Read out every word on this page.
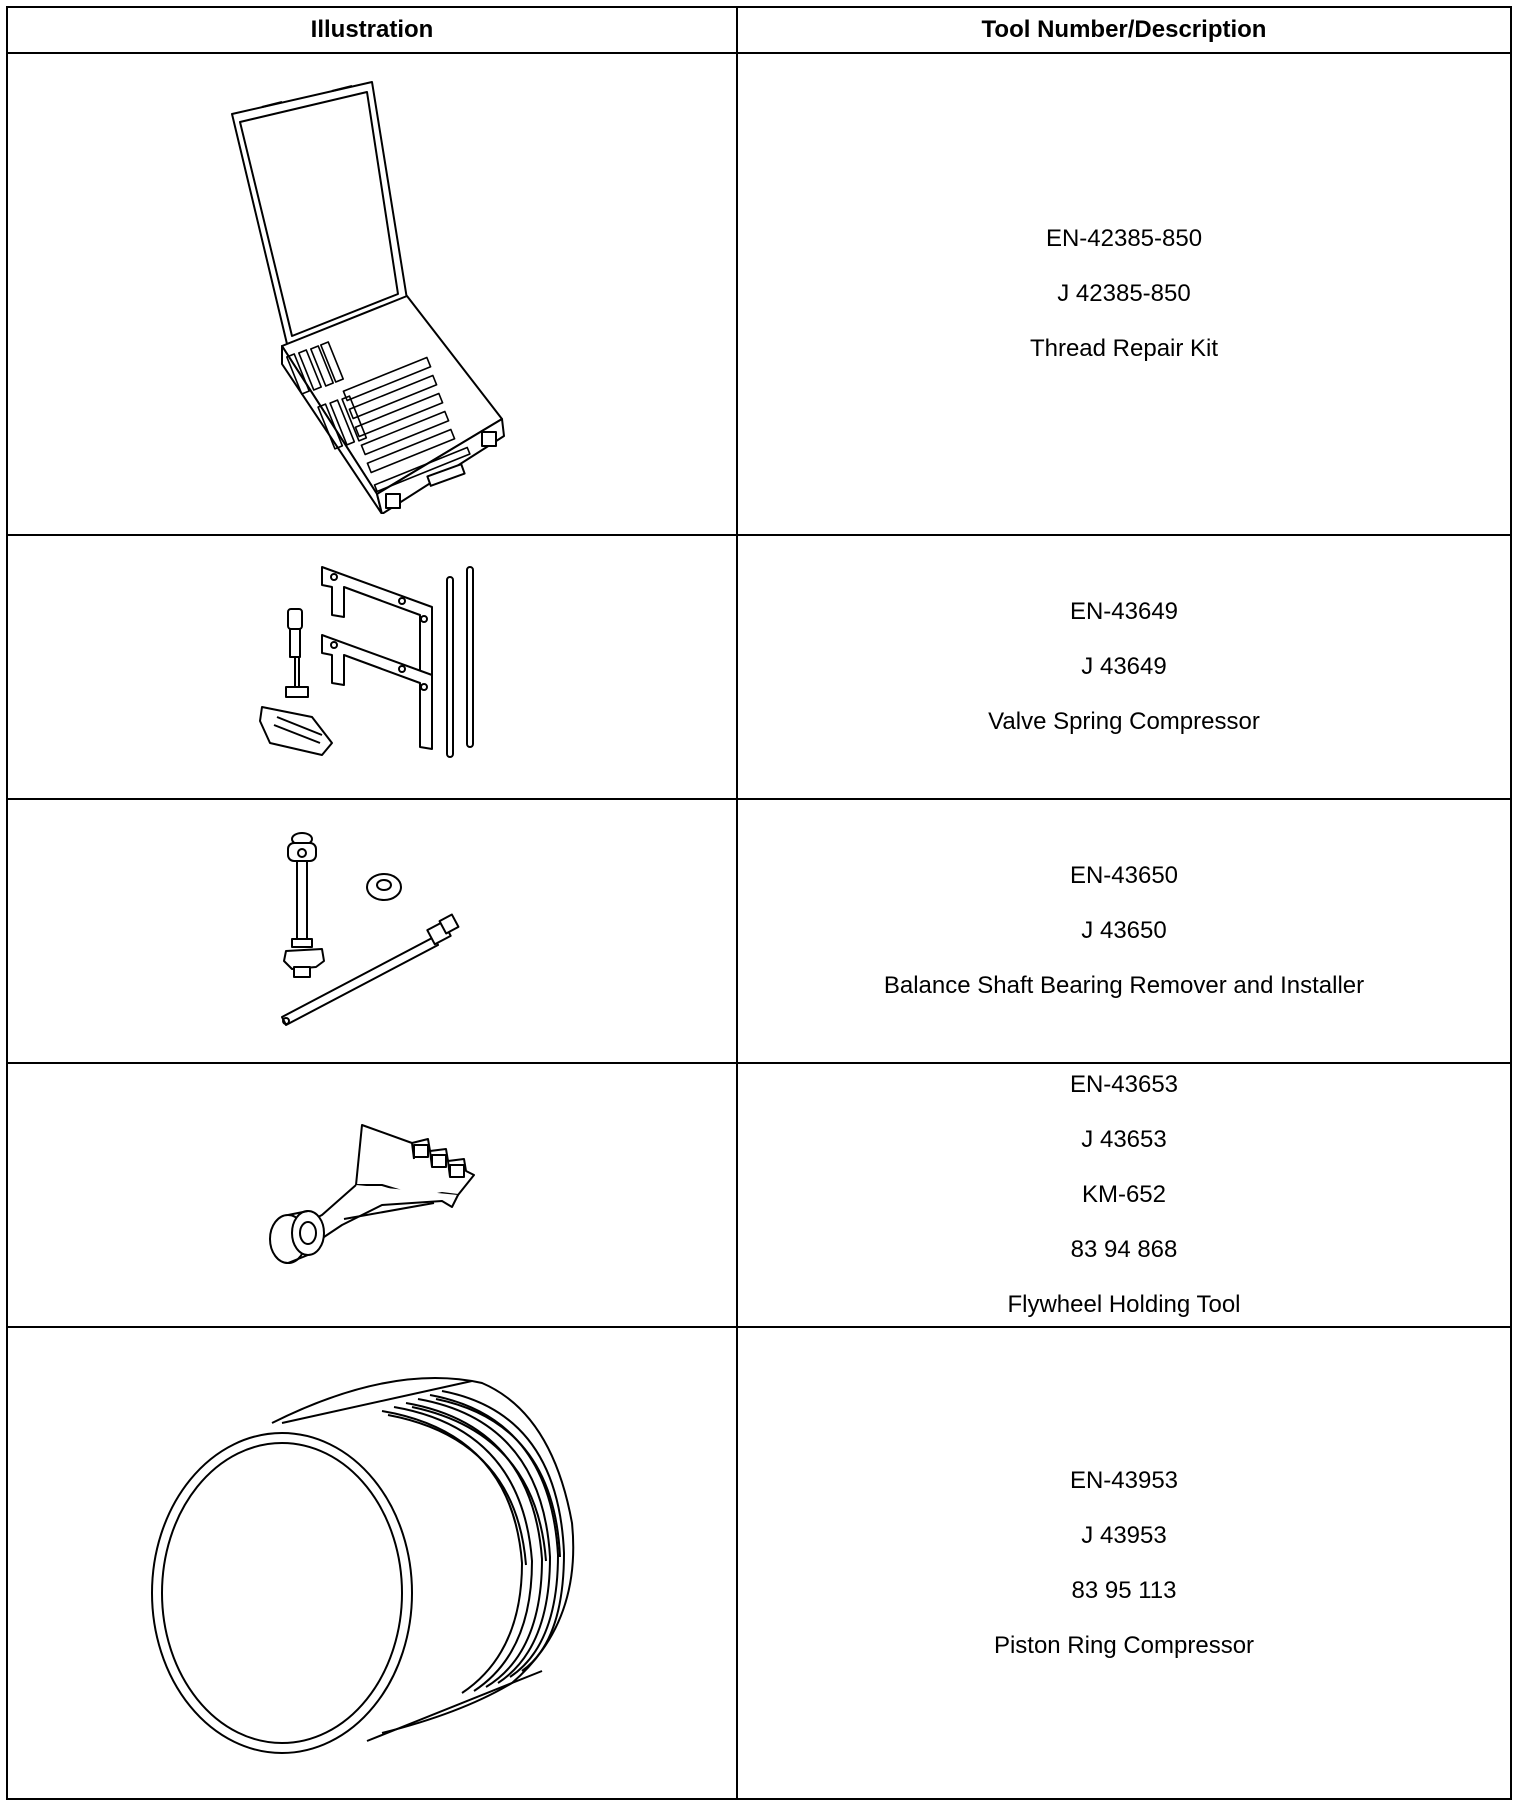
Illustration	Tool Number/Description

EN-42385-850
J 42385-850
Thread Repair Kit

EN-43649
J 43649
Valve Spring Compressor

EN-43650
J 43650
Balance Shaft Bearing Remover and Installer

EN-43653
J 43653
KM-652
83 94 868
Flywheel Holding Tool

EN-43953
J 43953
83 95 113
Piston Ring Compressor
